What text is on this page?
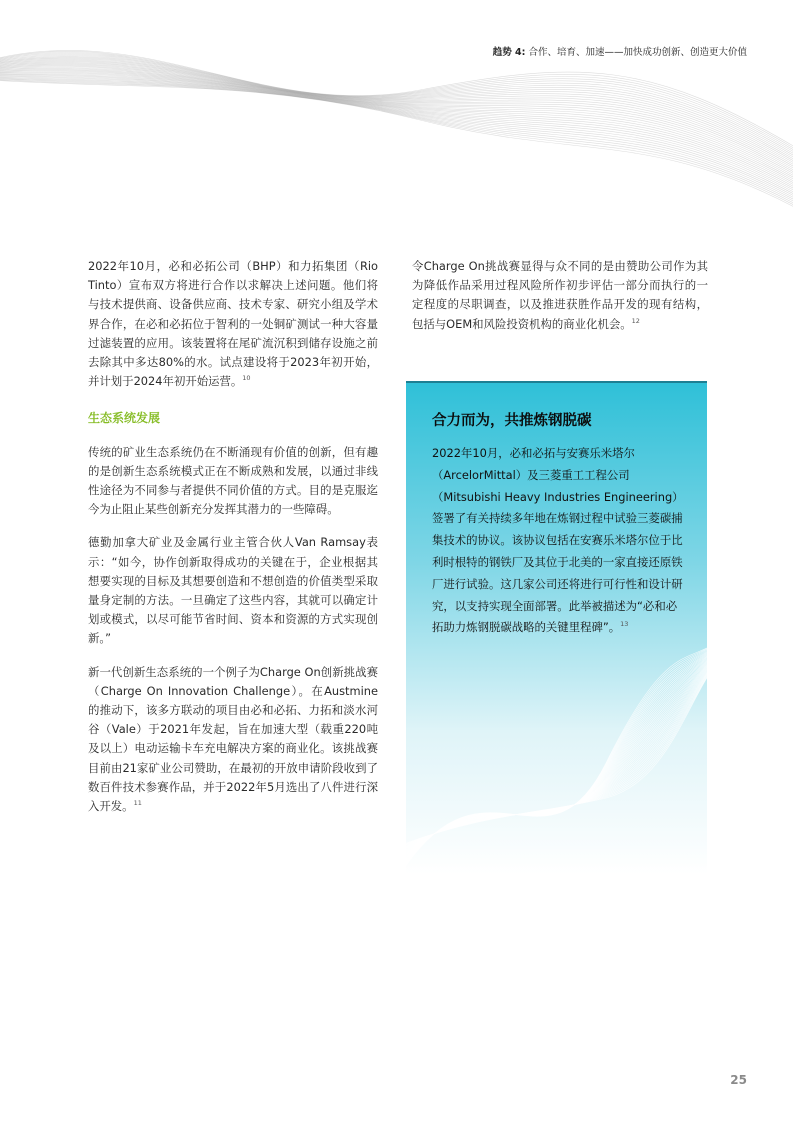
趋势 4: 合作、培育、加速——加快成功创新、创造更大价值

2022年10月，必和必拓公司（BHP）和力拓集团（Rio Tinto）宣布双方将进行合作以求解决上述问题。他们将与技术提供商、设备供应商、技术专家、研究小组及学术界合作，在必和必拓位于智利的一处铜矿测试一种大容量过滤装置的应用。该装置将在尾矿流沉积到储存设施之前去除其中多达80%的水。试点建设将于2023年初开始，并计划于2024年初开始运营。$^{10}$

生态系统发展

传统的矿业生态系统仍在不断涌现有价值的创新，但有趣的是创新生态系统模式正在不断成熟和发展，以通过非线性途径为不同参与者提供不同价值的方式。目的是克服迄今为止阻止某些创新充分发挥其潜力的一些障碍。

德勤加拿大矿业及金属行业主管合伙人Van Ramsay表示：“如今，协作创新取得成功的关键在于，企业根据其想要实现的目标及其想要创造和不想创造的价值类型采取量身定制的方法。一旦确定了这些内容，其就可以确定计划或模式，以尽可能节省时间、资本和资源的方式实现创新。”

新一代创新生态系统的一个例子为Charge On创新挑战赛（Charge On Innovation Challenge）。在Austmine的推动下，该多方联动的项目由必和必拓、力拓和淡水河谷（Vale）于2021年发起，旨在加速大型（载重220吨及以上）电动运输卡车充电解决方案的商业化。该挑战赛目前由21家矿业公司赞助，在最初的开放申请阶段收到了数百件技术参赛作品，并于2022年5月选出了八件进行深入开发。$^{11}$

令Charge On挑战赛显得与众不同的是由赞助公司作为其为降低作品采用过程风险所作初步评估一部分而执行的一定程度的尽职调查，以及推进获胜作品开发的现有结构，包括与OEM和风险投资机构的商业化机会。$^{12}$

合力而为，共推炼钢脱碳

2022年10月，必和必拓与安赛乐米塔尔（ArcelorMittal）及三菱重工工程公司（Mitsubishi Heavy Industries Engineering）签署了有关持续多年地在炼钢过程中试验三菱碳捕集技术的协议。该协议包括在安赛乐米塔尔位于比利时根特的钢铁厂及其位于北美的一家直接还原铁厂进行试验。这几家公司还将进行可行性和设计研究，以支持实现全面部署。此举被描述为“必和必拓助力炼钢脱碳战略的关键里程碑”。$^{13}$

25
